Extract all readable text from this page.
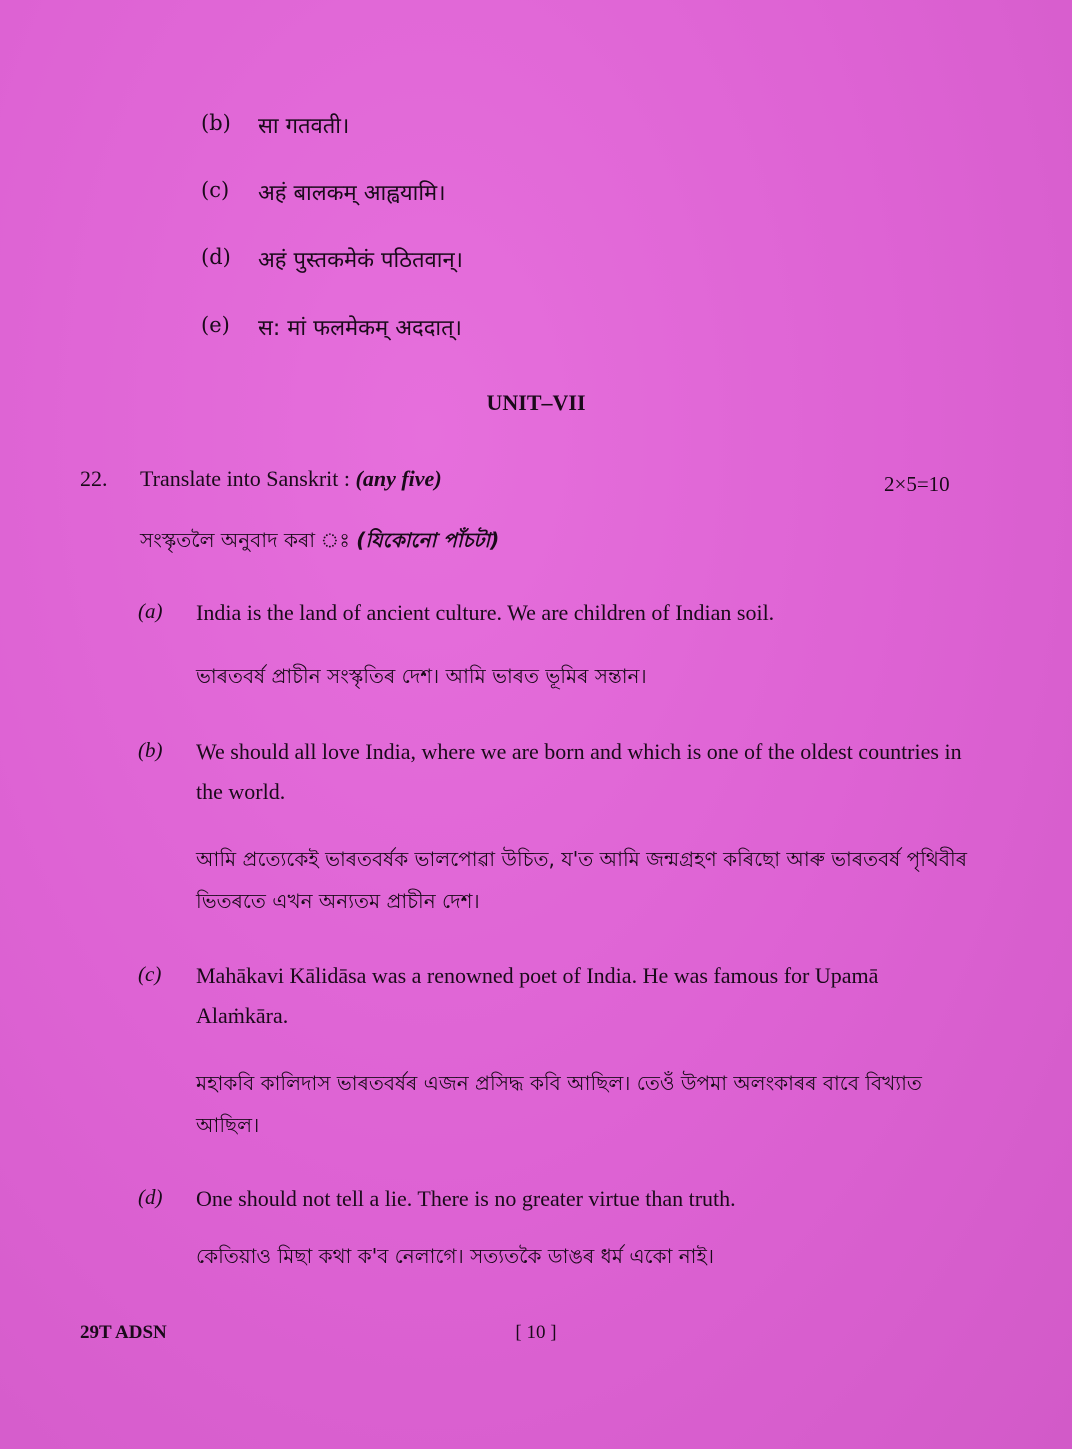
(b) सा गतवती।
(c) अहं बालकम् आह्वयामि।
(d) अहं पुस्तकमेकं पठितवान्।
(e) स: मां फलमेकम् अददात्।
UNIT–VII
22. Translate into Sanskrit : (any five)	2×5=10
সংস্কৃতলৈ অনুবাদ কৰা ঃ (যিকোনো পাঁচটা)
(a) India is the land of ancient culture. We are children of Indian soil.
ভাৰতবৰ্ষ প্ৰাচীন সংস্কৃতিৰ দেশ। আমি ভাৰত ভূমিৰ সন্তান।
(b) We should all love India, where we are born and which is one of the oldest countries in the world.
আমি প্ৰত্যেকেই ভাৰতবৰ্ষক ভালপোৱা উচিত, য'ত আমি জন্মগ্ৰহণ কৰিছো আৰু ভাৰতবৰ্ষ পৃথিবীৰ ভিতৰতে এখন অন্যতম প্ৰাচীন দেশ।
(c) Mahākavi Kālidāsa was a renowned poet of India. He was famous for Upamā Alaṁkāra.
মহাকবি কালিদাস ভাৰতবৰ্ষৰ এজন প্ৰসিদ্ধ কবি আছিল। তেওঁ উপমা অলংকাৰৰ বাবে বিখ্যাত আছিল।
(d) One should not tell a lie. There is no greater virtue than truth.
কেতিয়াও মিছা কথা ক'ব নেলাগে। সত্যতকৈ ডাঙৰ ধৰ্ম একো নাই।
29T ADSN	[ 10 ]
